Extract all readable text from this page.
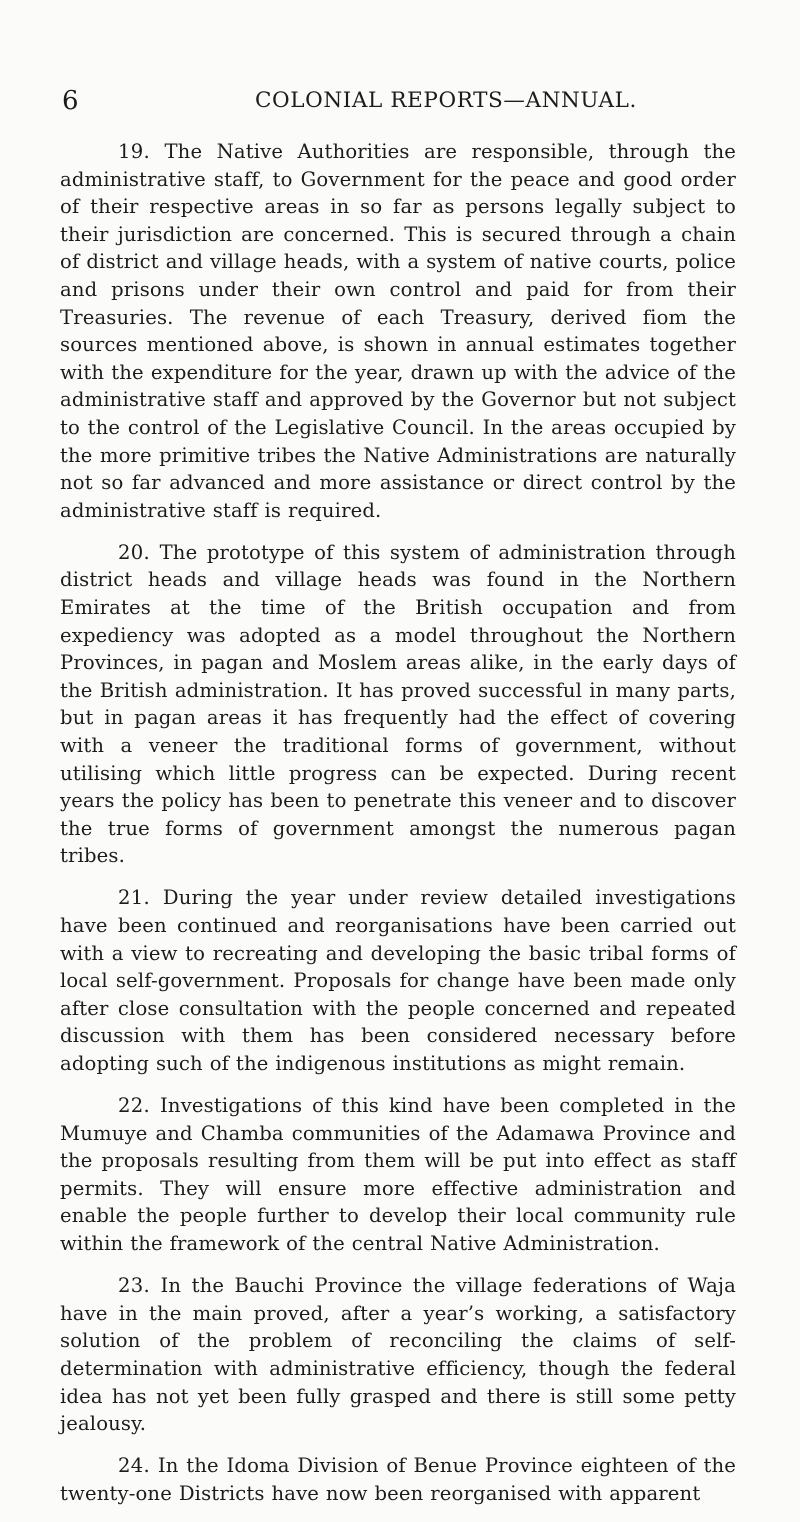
6	COLONIAL REPORTS—ANNUAL.

19. The Native Authorities are responsible, through the administrative staff, to Government for the peace and good order of their respective areas in so far as persons legally subject to their jurisdiction are concerned. This is secured through a chain of district and village heads, with a system of native courts, police and prisons under their own control and paid for from their Treasuries. The revenue of each Treasury, derived fiom the sources mentioned above, is shown in annual estimates together with the expenditure for the year, drawn up with the advice of the administrative staff and approved by the Governor but not subject to the control of the Legislative Council. In the areas occupied by the more primitive tribes the Native Administrations are naturally not so far advanced and more assistance or direct control by the administrative staff is required.

20. The prototype of this system of administration through district heads and village heads was found in the Northern Emirates at the time of the British occupation and from expediency was adopted as a model throughout the Northern Provinces, in pagan and Moslem areas alike, in the early days of the British administration. It has proved successful in many parts, but in pagan areas it has frequently had the effect of covering with a veneer the traditional forms of government, without utilising which little progress can be expected. During recent years the policy has been to penetrate this veneer and to discover the true forms of government amongst the numerous pagan tribes.

21. During the year under review detailed investigations have been continued and reorganisations have been carried out with a view to recreating and developing the basic tribal forms of local self-government. Proposals for change have been made only after close consultation with the people concerned and repeated discussion with them has been considered necessary before adopting such of the indigenous institutions as might remain.

22. Investigations of this kind have been completed in the Mumuye and Chamba communities of the Adamawa Province and the proposals resulting from them will be put into effect as staff permits. They will ensure more effective administration and enable the people further to develop their local community rule within the framework of the central Native Administration.

23. In the Bauchi Province the village federations of Waja have in the main proved, after a year’s working, a satisfactory solution of the problem of reconciling the claims of self-determination with administrative efficiency, though the federal idea has not yet been fully grasped and there is still some petty jealousy.

24. In the Idoma Division of Benue Province eighteen of the twenty-one Districts have now been reorganised with apparent
